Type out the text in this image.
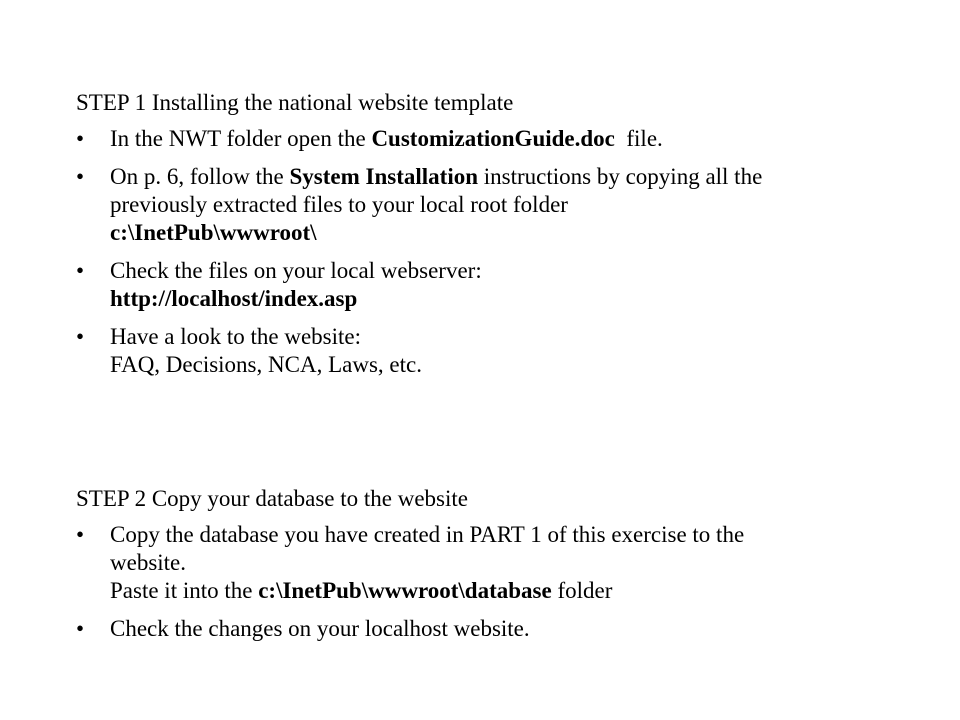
STEP 1 Installing the national website template

• In the NWT folder open the CustomizationGuide.doc  file.
• On p. 6, follow the System Installation instructions by copying all the
previously extracted files to your local root folder
c:\InetPub\wwwroot\
• Check the files on your local webserver:
http://localhost/index.asp
• Have a look to the website:
FAQ, Decisions, NCA, Laws, etc.

STEP 2 Copy your database to the website

• Copy the database you have created in PART 1 of this exercise to the
website.
Paste it into the c:\InetPub\wwwroot\database folder
• Check the changes on your localhost website.
